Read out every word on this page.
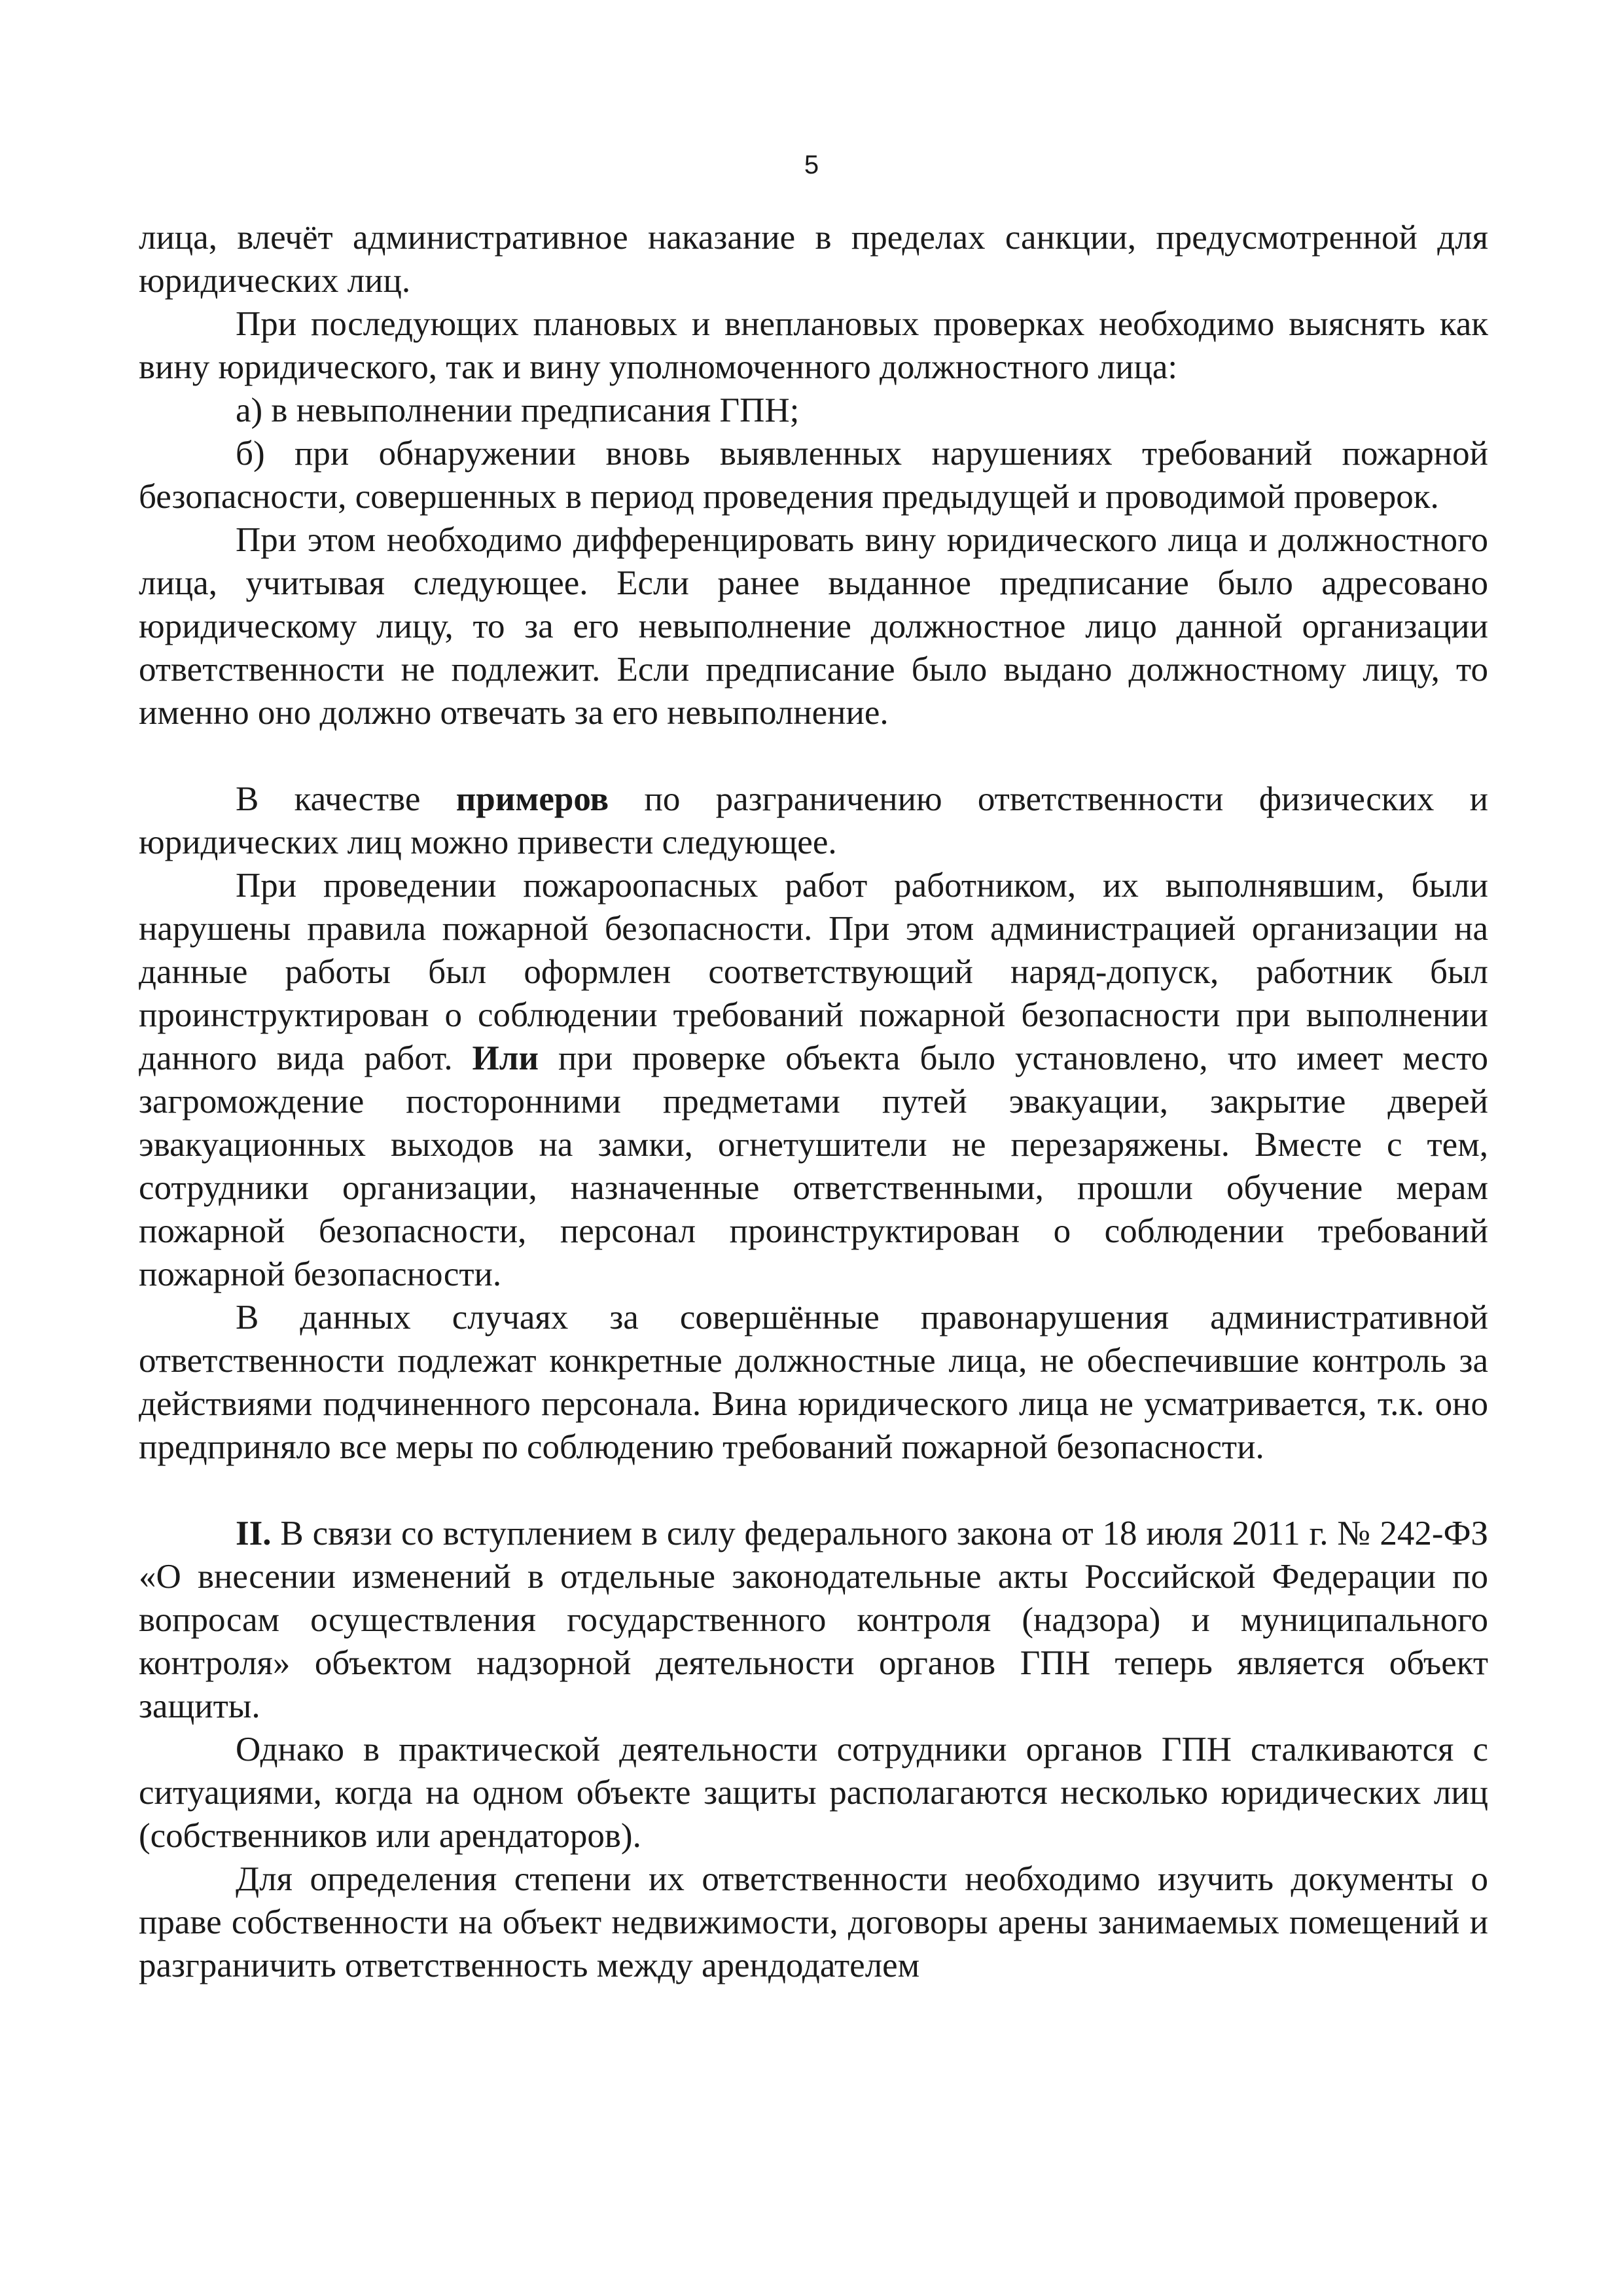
5

лица, влечёт административное наказание в пределах санкции, предусмотренной для юридических лиц.

При последующих плановых и внеплановых проверках необходимо выяснять как вину юридического, так и вину уполномоченного должностного лица:

а) в невыполнении предписания ГПН;

б) при обнаружении вновь выявленных нарушениях требований пожарной безопасности, совершенных в период проведения предыдущей и проводимой проверок.

При этом необходимо дифференцировать вину юридического лица и должностного лица, учитывая следующее. Если ранее выданное предписание было адресовано юридическому лицу, то за его невыполнение должностное лицо данной организации ответственности не подлежит. Если предписание было выдано должностному лицу, то именно оно должно отвечать за его невыполнение.

В качестве примеров по разграничению ответственности физических и юридических лиц можно привести следующее.

При проведении пожароопасных работ работником, их выполнявшим, были нарушены правила пожарной безопасности. При этом администрацией организации на данные работы был оформлен соответствующий наряд-допуск, работник был проинструктирован о соблюдении требований пожарной безопасности при выполнении данного вида работ. Или при проверке объекта было установлено, что имеет место загромождение посторонними предметами путей эвакуации, закрытие дверей эвакуационных выходов на замки, огнетушители не перезаряжены. Вместе с тем, сотрудники организации, назначенные ответственными, прошли обучение мерам пожарной безопасности, персонал проинструктирован о соблюдении требований пожарной безопасности.

В данных случаях за совершённые правонарушения административной ответственности подлежат конкретные должностные лица, не обеспечившие контроль за действиями подчиненного персонала. Вина юридического лица не усматривается, т.к. оно предприняло все меры по соблюдению требований пожарной безопасности.

II. В связи со вступлением в силу федерального закона от 18 июля 2011 г. № 242-ФЗ «О внесении изменений в отдельные законодательные акты Российской Федерации по вопросам осуществления государственного контроля (надзора) и муниципального контроля» объектом надзорной деятельности органов ГПН теперь является объект защиты.

Однако в практической деятельности сотрудники органов ГПН сталкиваются с ситуациями, когда на одном объекте защиты располагаются несколько юридических лиц (собственников или арендаторов).

Для определения степени их ответственности необходимо изучить документы о праве собственности на объект недвижимости, договоры арены занимаемых помещений и разграничить ответственность между арендодателем
